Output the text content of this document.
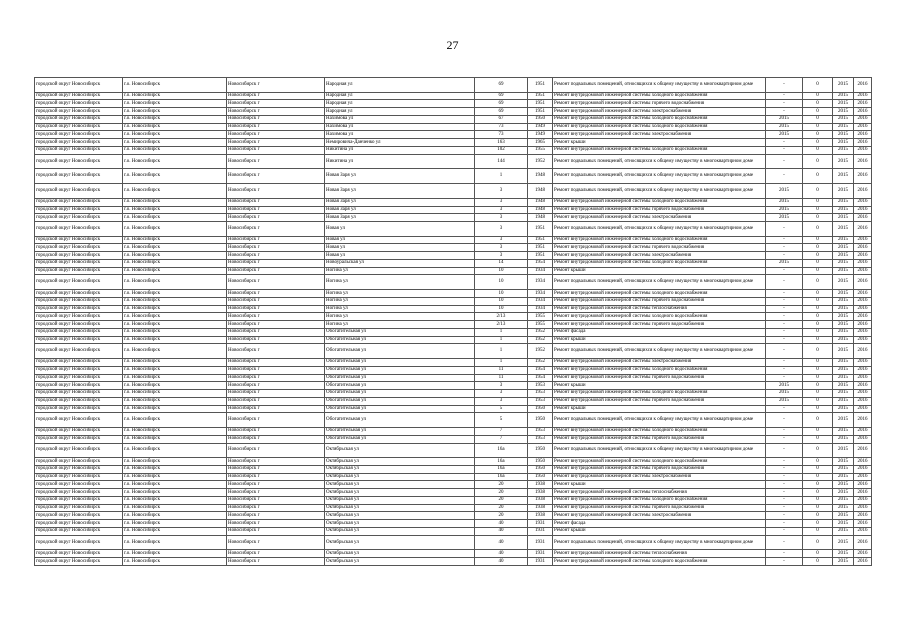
27
городской округ Новосибирск	г.о. Новосибирск	Новосибирск г	Народная ул	69	1951	Ремонт подвальных помещений, относящихся к общему имуществу в многоквартирном доме	-	0	2015	2016
городской округ Новосибирск	г.о. Новосибирск	Новосибирск г	Народная ул	69	1951	Ремонт внутридомовой инженерной системы холодного водоснабжения	-	0	2015	2016
городской округ Новосибирск	г.о. Новосибирск	Новосибирск г	Народная ул	69	1951	Ремонт внутридомовой инженерной системы горячего водоснабжения	-	0	2015	2016
городской округ Новосибирск	г.о. Новосибирск	Новосибирск г	Народная ул	69	1951	Ремонт внутридомовой инженерной системы электроснабжения	-	0	2015	2016
городской округ Новосибирск	г.о. Новосибирск	Новосибирск г	Нахимова ул	67	1950	Ремонт внутридомовой инженерной системы холодного водоснабжения	2015	0	2015	2016
городской округ Новосибирск	г.о. Новосибирск	Новосибирск г	Нахимова ул	73	1949	Ремонт внутридомовой инженерной системы холодного водоснабжения	2015	0	2015	2016
городской округ Новосибирск	г.о. Новосибирск	Новосибирск г	Нахимова ул	73	1949	Ремонт внутридомовой инженерной системы электроснабжения	2015	0	2015	2016
городской округ Новосибирск	г.о. Новосибирск	Новосибирск г	Немировича-Данченко ул	163	1965	Ремонт крыши	-	0	2015	2016
городской округ Новосибирск	г.о. Новосибирск	Новосибирск г	Никитина ул	102	1955	Ремонт внутридомовой инженерной системы холодного водоснабжения	-	0	2015	2016
городской округ Новосибирск	г.о. Новосибирск	Новосибирск г	Никитина ул	144	1952	Ремонт подвальных помещений, относящихся к общему имуществу в многоквартирном доме	-	0	2015	2016
городской округ Новосибирск	г.о. Новосибирск	Новосибирск г	Новая Заря ул	1	1948	Ремонт подвальных помещений, относящихся к общему имуществу в многоквартирном доме	-	0	2015	2016
городской округ Новосибирск	г.о. Новосибирск	Новосибирск г	Новая Заря ул	3	1948	Ремонт подвальных помещений, относящихся к общему имуществу в многоквартирном доме	2015	0	2015	2016
городской округ Новосибирск	г.о. Новосибирск	Новосибирск г	Новая Заря ул	3	1948	Ремонт внутридомовой инженерной системы холодного водоснабжения	2015	0	2015	2016
городской округ Новосибирск	г.о. Новосибирск	Новосибирск г	Новая Заря ул	3	1948	Ремонт внутридомовой инженерной системы горячего водоснабжения	2015	0	2015	2016
городской округ Новосибирск	г.о. Новосибирск	Новосибирск г	Новая Заря ул	3	1948	Ремонт внутридомовой инженерной системы электроснабжения	2015	0	2015	2016
городской округ Новосибирск	г.о. Новосибирск	Новосибирск г	Новая ул	3	1951	Ремонт подвальных помещений, относящихся к общему имуществу в многоквартирном доме	-	0	2015	2016
городской округ Новосибирск	г.о. Новосибирск	Новосибирск г	Новая ул	3	1951	Ремонт внутридомовой инженерной системы холодного водоснабжения	-	0	2015	2016
городской округ Новосибирск	г.о. Новосибирск	Новосибирск г	Новая ул	3	1951	Ремонт внутридомовой инженерной системы горячего водоснабжения	-	0	2015	2016
городской округ Новосибирск	г.о. Новосибирск	Новосибирск г	Новая ул	3	1951	Ремонт внутридомовой инженерной системы электроснабжения	-	0	2015	2016
городской округ Новосибирск	г.о. Новосибирск	Новосибирск г	Новоуральская ул	14	1954	Ремонт внутридомовой инженерной системы холодного водоснабжения	2015	0	2015	2016
городской округ Новосибирск	г.о. Новосибирск	Новосибирск г	Ногина ул	10	1934	Ремонт крыши	-	0	2015	2016
городской округ Новосибирск	г.о. Новосибирск	Новосибирск г	Ногина ул	10	1934	Ремонт подвальных помещений, относящихся к общему имуществу в многоквартирном доме	-	0	2015	2016
городской округ Новосибирск	г.о. Новосибирск	Новосибирск г	Ногина ул	10	1934	Ремонт внутридомовой инженерной системы холодного водоснабжения	-	0	2015	2016
городской округ Новосибирск	г.о. Новосибирск	Новосибирск г	Ногина ул	10	1934	Ремонт внутридомовой инженерной системы горячего водоснабжения	-	0	2015	2016
городской округ Новосибирск	г.о. Новосибирск	Новосибирск г	Ногина ул	10	1934	Ремонт внутридомовой инженерной системы теплоснабжения	-	0	2015	2016
городской округ Новосибирск	г.о. Новосибирск	Новосибирск г	Ногина ул	2/13	1955	Ремонт внутридомовой инженерной системы холодного водоснабжения	-	0	2015	2016
городской округ Новосибирск	г.о. Новосибирск	Новосибирск г	Ногина ул	2/13	1955	Ремонт внутридомовой инженерной системы горячего водоснабжения	-	0	2015	2016
городской округ Новосибирск	г.о. Новосибирск	Новосибирск г	Обогатительная ул	1	1952	Ремонт фасада	-	0	2015	2016
городской округ Новосибирск	г.о. Новосибирск	Новосибирск г	Обогатительная ул	1	1952	Ремонт крыши	-	0	2015	2016
городской округ Новосибирск	г.о. Новосибирск	Новосибирск г	Обогатительная ул	1	1952	Ремонт подвальных помещений, относящихся к общему имуществу в многоквартирном доме	-	0	2015	2016
городской округ Новосибирск	г.о. Новосибирск	Новосибирск г	Обогатительная ул	1	1952	Ремонт внутридомовой инженерной системы электроснабжения	-	0	2015	2016
городской округ Новосибирск	г.о. Новосибирск	Новосибирск г	Обогатительная ул	11	1954	Ремонт внутридомовой инженерной системы холодного водоснабжения	-	0	2015	2016
городской округ Новосибирск	г.о. Новосибирск	Новосибирск г	Обогатительная ул	11	1954	Ремонт внутридомовой инженерной системы горячего водоснабжения	-	0	2015	2016
городской округ Новосибирск	г.о. Новосибирск	Новосибирск г	Обогатительная ул	3	1953	Ремонт крыши	2015	0	2015	2016
городской округ Новосибирск	г.о. Новосибирск	Новосибирск г	Обогатительная ул	3	1953	Ремонт внутридомовой инженерной системы холодного водоснабжения	2015	0	2015	2016
городской округ Новосибирск	г.о. Новосибирск	Новосибирск г	Обогатительная ул	3	1953	Ремонт внутридомовой инженерной системы горячего водоснабжения	2015	0	2015	2016
городской округ Новосибирск	г.о. Новосибирск	Новосибирск г	Обогатительная ул	5	1950	Ремонт крыши	-	0	2015	2016
городской округ Новосибирск	г.о. Новосибирск	Новосибирск г	Обогатительная ул	5	1950	Ремонт подвальных помещений, относящихся к общему имуществу в многоквартирном доме	-	0	2015	2016
городской округ Новосибирск	г.о. Новосибирск	Новосибирск г	Обогатительная ул	7	1953	Ремонт внутридомовой инженерной системы холодного водоснабжения	-	0	2015	2016
городской округ Новосибирск	г.о. Новосибирск	Новосибирск г	Обогатительная ул	7	1953	Ремонт внутридомовой инженерной системы горячего водоснабжения	-	0	2015	2016
городской округ Новосибирск	г.о. Новосибирск	Новосибирск г	Октябрьская ул	16а	1950	Ремонт подвальных помещений, относящихся к общему имуществу в многоквартирном доме	-	0	2015	2016
городской округ Новосибирск	г.о. Новосибирск	Новосибирск г	Октябрьская ул	16а	1950	Ремонт внутридомовой инженерной системы холодного водоснабжения	-	0	2015	2016
городской округ Новосибирск	г.о. Новосибирск	Новосибирск г	Октябрьская ул	16а	1950	Ремонт внутридомовой инженерной системы горячего водоснабжения	-	0	2015	2016
городской округ Новосибирск	г.о. Новосибирск	Новосибирск г	Октябрьская ул	16а	1950	Ремонт внутридомовой инженерной системы электроснабжения	-	0	2015	2016
городской округ Новосибирск	г.о. Новосибирск	Новосибирск г	Октябрьская ул	20	1938	Ремонт крыши	-	0	2015	2016
городской округ Новосибирск	г.о. Новосибирск	Новосибирск г	Октябрьская ул	20	1938	Ремонт внутридомовой инженерной системы теплоснабжения	-	0	2015	2016
городской округ Новосибирск	г.о. Новосибирск	Новосибирск г	Октябрьская ул	20	1938	Ремонт внутридомовой инженерной системы холодного водоснабжения	-	0	2015	2016
городской округ Новосибирск	г.о. Новосибирск	Новосибирск г	Октябрьская ул	20	1938	Ремонт внутридомовой инженерной системы горячего водоснабжения	-	0	2015	2016
городской округ Новосибирск	г.о. Новосибирск	Новосибирск г	Октябрьская ул	20	1938	Ремонт внутридомовой инженерной системы электроснабжения	-	0	2015	2016
городской округ Новосибирск	г.о. Новосибирск	Новосибирск г	Октябрьская ул	40	1931	Ремонт фасада	-	0	2015	2016
городской округ Новосибирск	г.о. Новосибирск	Новосибирск г	Октябрьская ул	40	1931	Ремонт крыши	-	0	2015	2016
городской округ Новосибирск	г.о. Новосибирск	Новосибирск г	Октябрьская ул	40	1931	Ремонт подвальных помещений, относящихся к общему имуществу в многоквартирном доме	-	0	2015	2016
городской округ Новосибирск	г.о. Новосибирск	Новосибирск г	Октябрьская ул	40	1931	Ремонт внутридомовой инженерной системы теплоснабжения	-	0	2015	2016
городской округ Новосибирск	г.о. Новосибирск	Новосибирск г	Октябрьская ул	40	1931	Ремонт внутридомовой инженерной системы холодного водоснабжения	-	0	2015	2016
